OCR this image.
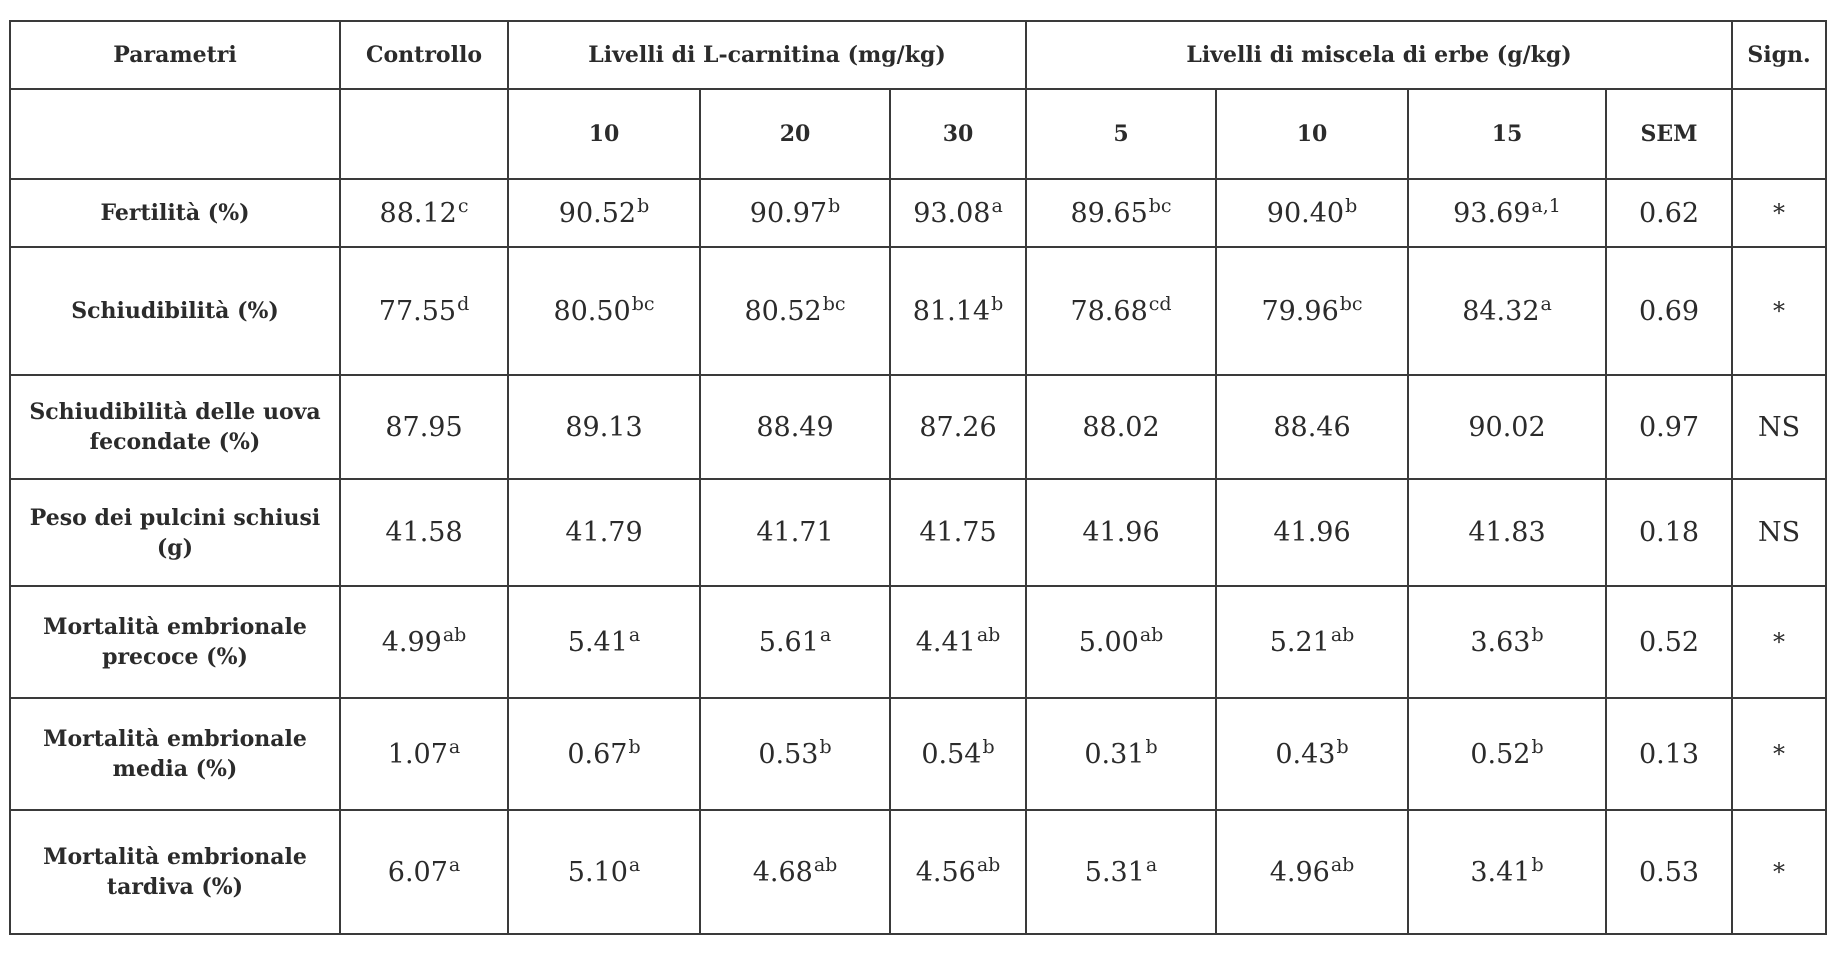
Parametri	Controllo	Livelli di L-carnitina (mg/kg)			Livelli di miscela di erbe (g/kg)				Sign.
		10	20	30	5	10	15	SEM	
Fertilità (%)	88.12$^c$	90.52$^b$	90.97$^b$	93.08$^a$	89.65$^{bc}$	90.40$^b$	93.69$^{a,1}$	0.62	*
Schiudibilità (%)	77.55$^d$	80.50$^{bc}$	80.52$^{bc}$	81.14$^b$	78.68$^{cd}$	79.96$^{bc}$	84.32$^a$	0.69	*
Schiudibilità delle uova fecondate (%)	87.95	89.13	88.49	87.26	88.02	88.46	90.02	0.97	NS
Peso dei pulcini schiusi (g)	41.58	41.79	41.71	41.75	41.96	41.96	41.83	0.18	NS
Mortalità embrionale precoce (%)	4.99$^{ab}$	5.41$^a$	5.61$^a$	4.41$^{ab}$	5.00$^{ab}$	5.21$^{ab}$	3.63$^b$	0.52	*
Mortalità embrionale media (%)	1.07$^a$	0.67$^b$	0.53$^b$	0.54$^b$	0.31$^b$	0.43$^b$	0.52$^b$	0.13	*
Mortalità embrionale tardiva (%)	6.07$^a$	5.10$^a$	4.68$^{ab}$	4.56$^{ab}$	5.31$^a$	4.96$^{ab}$	3.41$^b$	0.53	*
